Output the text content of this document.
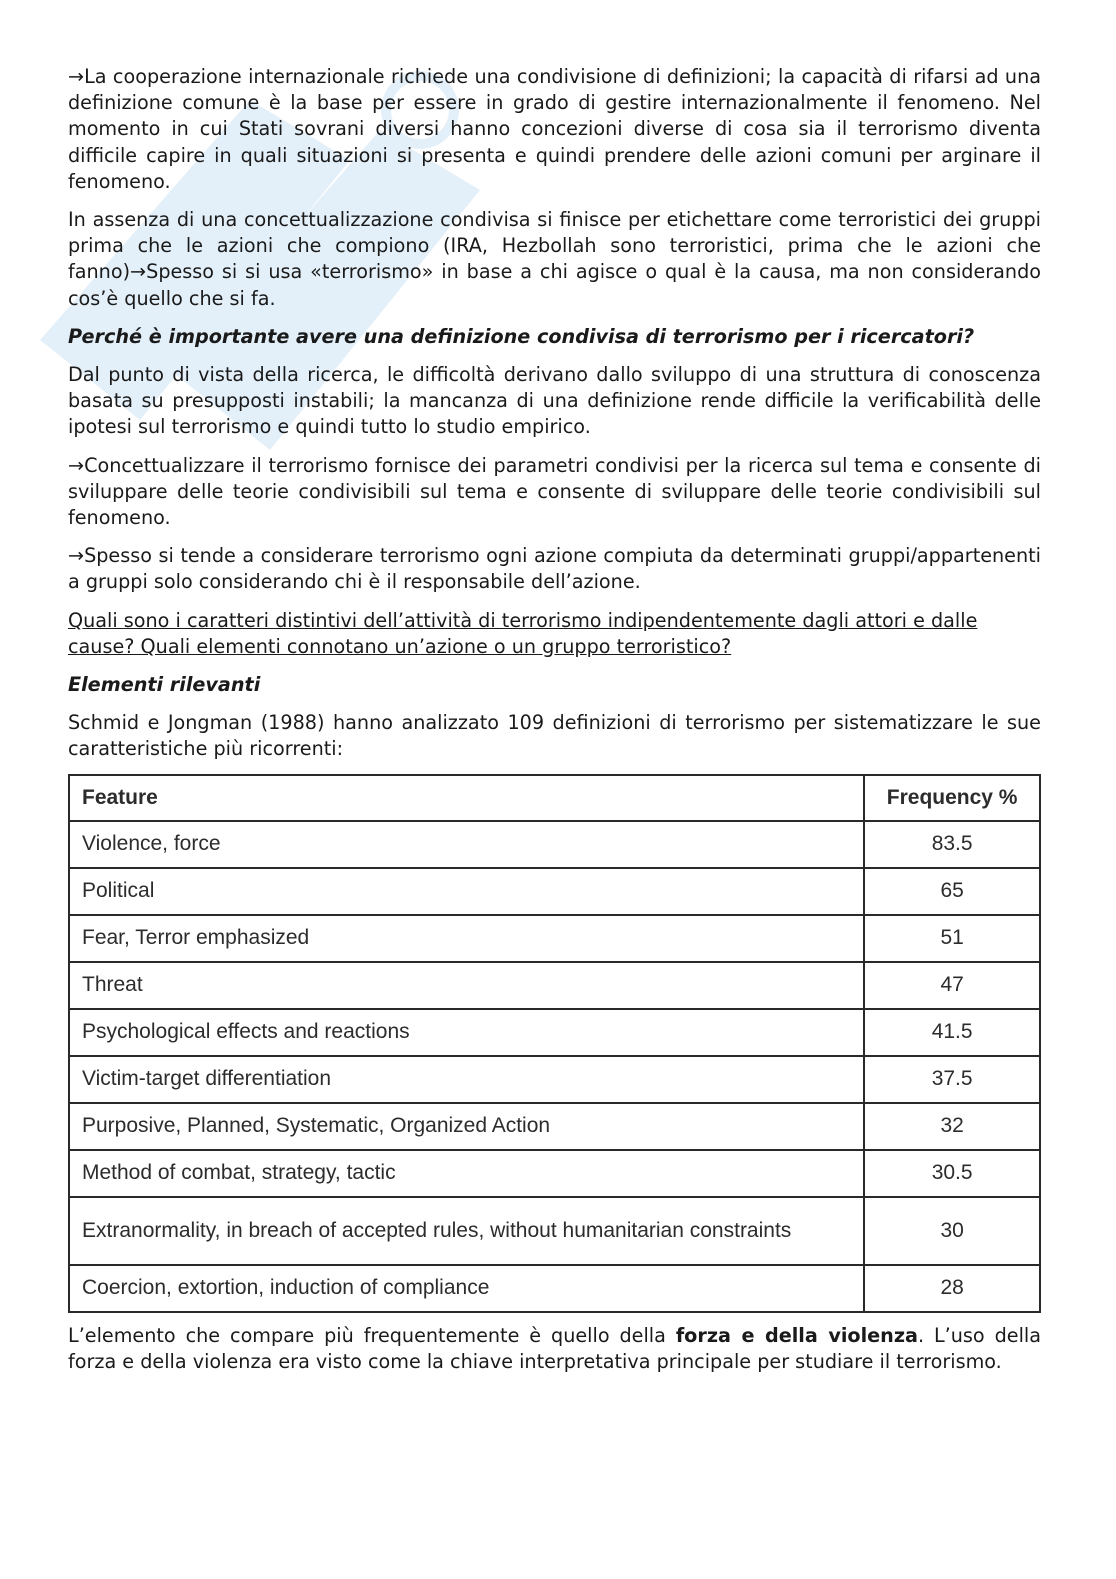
→La cooperazione internazionale richiede una condivisione di definizioni; la capacità di rifarsi ad una definizione comune è la base per essere in grado di gestire internazionalmente il fenomeno. Nel momento in cui Stati sovrani diversi hanno concezioni diverse di cosa sia il terrorismo diventa difficile capire in quali situazioni si presenta e quindi prendere delle azioni comuni per arginare il fenomeno.

In assenza di una concettualizzazione condivisa si finisce per etichettare come terroristici dei gruppi prima che le azioni che compiono (IRA, Hezbollah sono terroristici, prima che le azioni che fanno)→Spesso si si usa «terrorismo» in base a chi agisce o qual è la causa, ma non considerando cos’è quello che si fa.

Perché è importante avere una definizione condivisa di terrorismo per i ricercatori?

Dal punto di vista della ricerca, le difficoltà derivano dallo sviluppo di una struttura di conoscenza basata su presupposti instabili; la mancanza di una definizione rende difficile la verificabilità delle ipotesi sul terrorismo e quindi tutto lo studio empirico.

→Concettualizzare il terrorismo fornisce dei parametri condivisi per la ricerca sul tema e consente di sviluppare delle teorie condivisibili sul tema e consente di sviluppare delle teorie condivisibili sul fenomeno.

→Spesso si tende a considerare terrorismo ogni azione compiuta da determinati gruppi/appartenenti a gruppi solo considerando chi è il responsabile dell’azione.

Quali sono i caratteri distintivi dell’attività di terrorismo indipendentemente dagli attori e dalle cause? Quali elementi connotano un’azione o un gruppo terroristico?

Elementi rilevanti

Schmid e Jongman (1988) hanno analizzato 109 definizioni di terrorismo per sistematizzare le sue caratteristiche più ricorrenti:

Feature	Frequency %
Violence, force	83.5
Political	65
Fear, Terror emphasized	51
Threat	47
Psychological effects and reactions	41.5
Victim-target differentiation	37.5
Purposive, Planned, Systematic, Organized Action	32
Method of combat, strategy, tactic	30.5
Extranormality, in breach of accepted rules, without humanitarian constraints	30
Coercion, extortion, induction of compliance	28

L’elemento che compare più frequentemente è quello della forza e della violenza. L’uso della forza e della violenza era visto come la chiave interpretativa principale per studiare il terrorismo.
